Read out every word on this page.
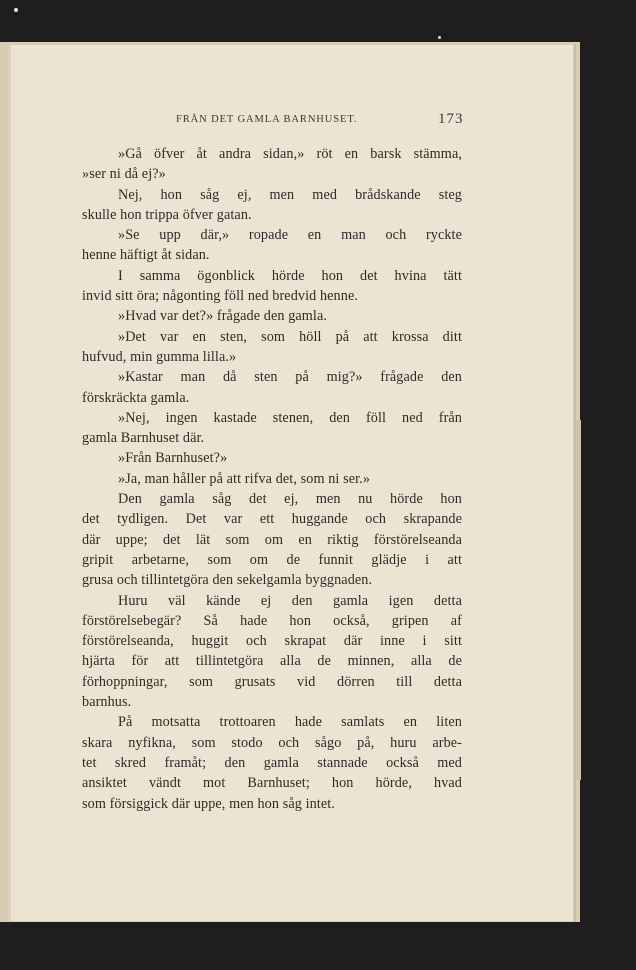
FRÅN DET GAMLA BARNHUSET.	173
»Gå öfver åt andra sidan,» röt en barsk stämma,
»ser ni då ej?»
Nej, hon såg ej, men med brådskande steg
skulle hon trippa öfver gatan.
»Se upp där,» ropade en man och ryckte
henne häftigt åt sidan.
I samma ögonblick hörde hon det hvina tätt
invid sitt öra; någonting föll ned bredvid henne.
»Hvad var det?» frågade den gamla.
»Det var en sten, som höll på att krossa ditt
hufvud, min gumma lilla.»
»Kastar man då sten på mig?» frågade den
förskräckta gamla.
»Nej, ingen kastade stenen, den föll ned från
gamla Barnhuset där.
»Från Barnhuset?»
»Ja, man håller på att rifva det, som ni ser.»
Den gamla såg det ej, men nu hörde hon
det tydligen. Det var ett huggande och skrapande
där uppe; det lät som om en riktig förstörelseanda
gripit arbetarne, som om de funnit glädje i att
grusa och tillintetgöra den sekelgamla byggnaden.
Huru väl kände ej den gamla igen detta
förstörelsebegär? Så hade hon också, gripen af
förstörelseanda, huggit och skrapat där inne i sitt
hjärta för att tillintetgöra alla de minnen, alla de
förhoppningar, som grusats vid dörren till detta
barnhus.
På motsatta trottoaren hade samlats en liten
skara nyfikna, som stodo och sågo på, huru arbe-
tet skred framåt; den gamla stannade också med
ansiktet vändt mot Barnhuset; hon hörde, hvad
som försiggick där uppe, men hon såg intet.
